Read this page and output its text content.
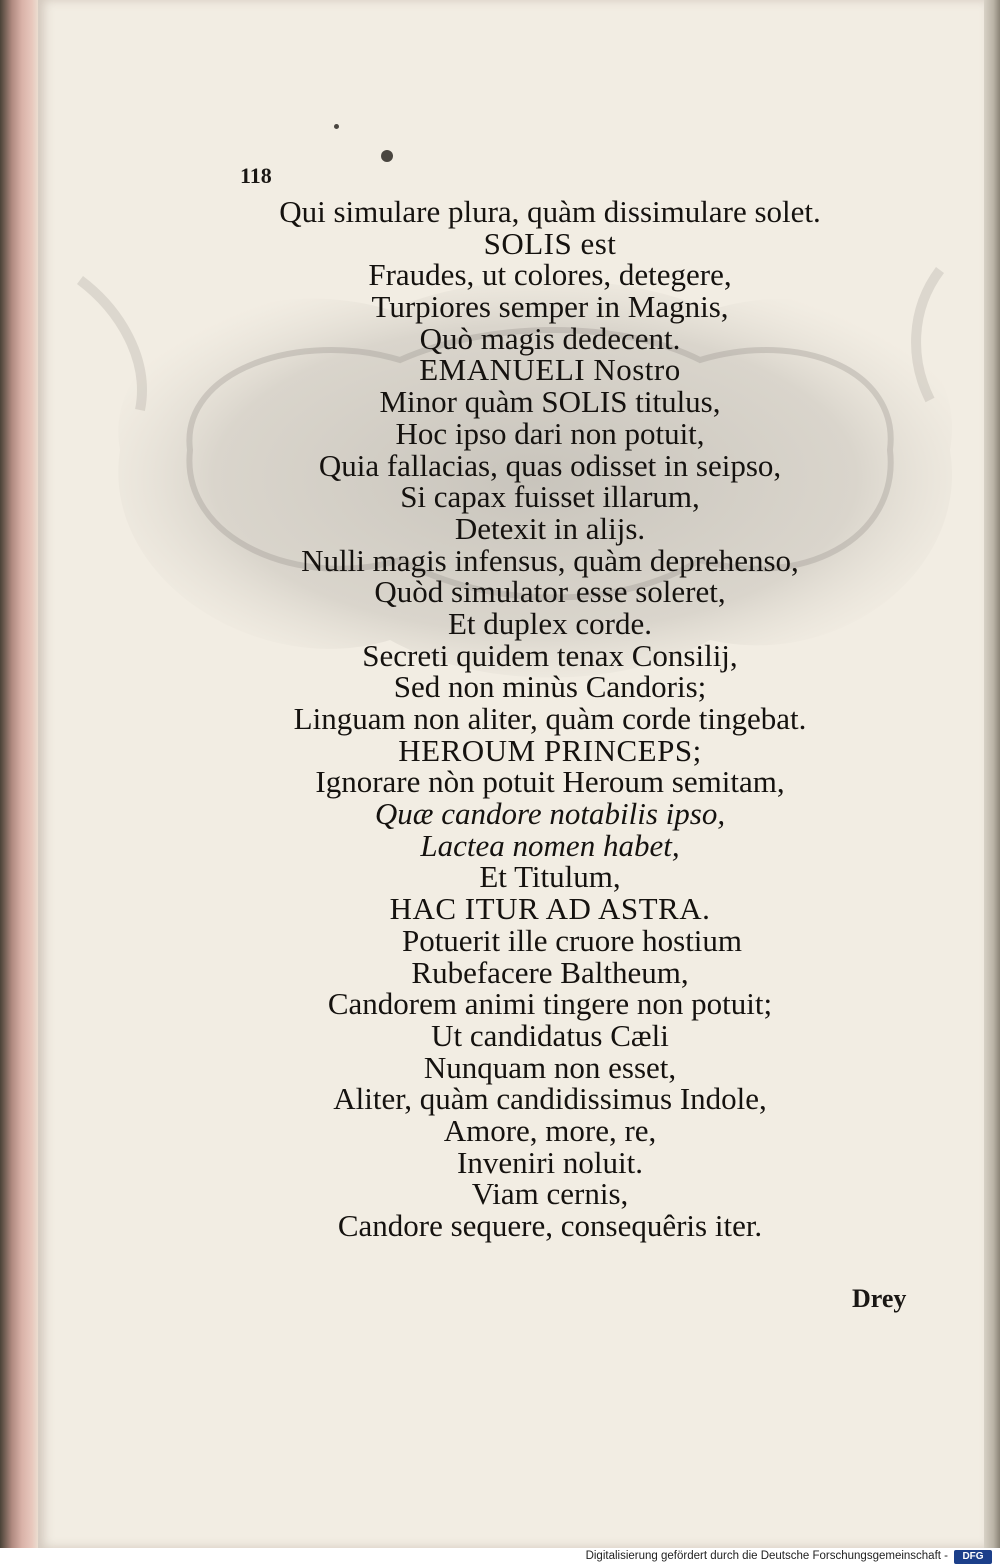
118
Qui simulare plura, quàm dissimulare solet.
SOLIS est
Fraudes, ut colores, detegere,
Turpiores semper in Magnis,
Quò magis dedecent.
EMANUELI Nostro
Minor quàm SOLIS titulus,
Hoc ipso dari non potuit,
Quia fallacias, quas odisset in seipso,
Si capax fuisset illarum,
Detexit in alijs.
Nulli magis infensus, quàm deprehenso,
Quòd simulator esse soleret,
Et duplex corde.
Secreti quidem tenax Consilij,
Sed non minùs Candoris;
Linguam non aliter, quàm corde tingebat.
HEROUM PRINCEPS;
Ignorare nòn potuit Heroum semitam,
Quæ candore notabilis ipso,
Lactea nomen habet,
Et Titulum,
HAC ITUR AD ASTRA.
Potuerit ille cruore hostium
Rubefacere Baltheum,
Candorem animi tingere non potuit;
Ut candidatus Cæli
Nunquam non esset,
Aliter, quàm candidissimus Indole,
Amore, more, re,
Inveniri noluit.
Viam cernis,
Candore sequere, consequêris iter.
Drey
Digitalisierung gefördert durch die Deutsche Forschungsgemeinschaft -	DFG
